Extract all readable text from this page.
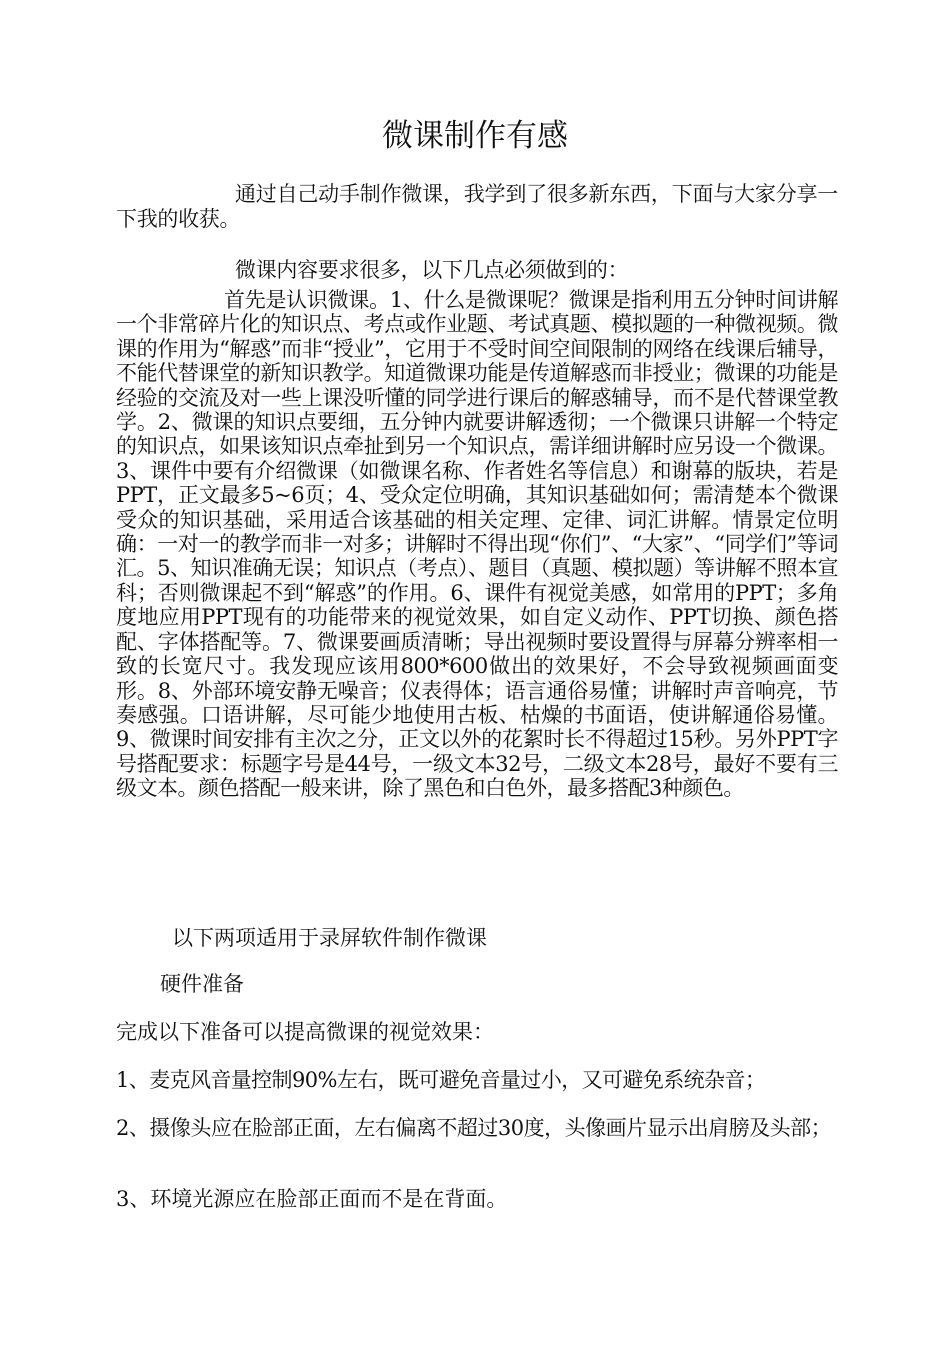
微课制作有感
通过自己动手制作微课，我学到了很多新东西，下面与大家分享一下我的收获。
微课内容要求很多，以下几点必须做到的：
首先是认识微课。1、什么是微课呢？微课是指利用五分钟时间讲解一个非常碎片化的知识点、考点或作业题、考试真题、模拟题的一种微视频。微课的作用为“解惑”而非“授业”，它用于不受时间空间限制的网络在线课后辅导，不能代替课堂的新知识教学。知道微课功能是传道解惑而非授业；微课的功能是经验的交流及对一些上课没听懂的同学进行课后的解惑辅导，而不是代替课堂教学。2、微课的知识点要细，五分钟内就要讲解透彻；一个微课只讲解一个特定的知识点，如果该知识点牵扯到另一个知识点，需详细讲解时应另设一个微课。3、课件中要有介绍微课（如微课名称、作者姓名等信息）和谢幕的版块，若是PPT，正文最多5~6页；4、受众定位明确，其知识基础如何；需清楚本个微课受众的知识基础，采用适合该基础的相关定理、定律、词汇讲解。情景定位明确：一对一的教学而非一对多；讲解时不得出现“你们”、“大家”、“同学们”等词汇。5、知识准确无误；知识点（考点）、题目（真题、模拟题）等讲解不照本宣科；否则微课起不到“解惑”的作用。6、课件有视觉美感，如常用的PPT；多角度地应用PPT现有的功能带来的视觉效果，如自定义动作、PPT切换、颜色搭配、字体搭配等。7、微课要画质清晰；导出视频时要设置得与屏幕分辨率相一致的长宽尺寸。我发现应该用800*600做出的效果好，不会导致视频画面变形。8、外部环境安静无噪音；仪表得体；语言通俗易懂；讲解时声音响亮，节奏感强。口语讲解，尽可能少地使用古板、枯燥的书面语，使讲解通俗易懂。9、微课时间安排有主次之分，正文以外的花絮时长不得超过15秒。另外PPT字号搭配要求：标题字号是44号，一级文本32号，二级文本28号，最好不要有三级文本。颜色搭配一般来讲，除了黑色和白色外，最多搭配3种颜色。
以下两项适用于录屏软件制作微课
硬件准备
完成以下准备可以提高微课的视觉效果：
1、麦克风音量控制90%左右，既可避免音量过小，又可避免系统杂音；
2、摄像头应在脸部正面，左右偏离不超过30度，头像画片显示出肩膀及头部；
3、环境光源应在脸部正面而不是在背面。
